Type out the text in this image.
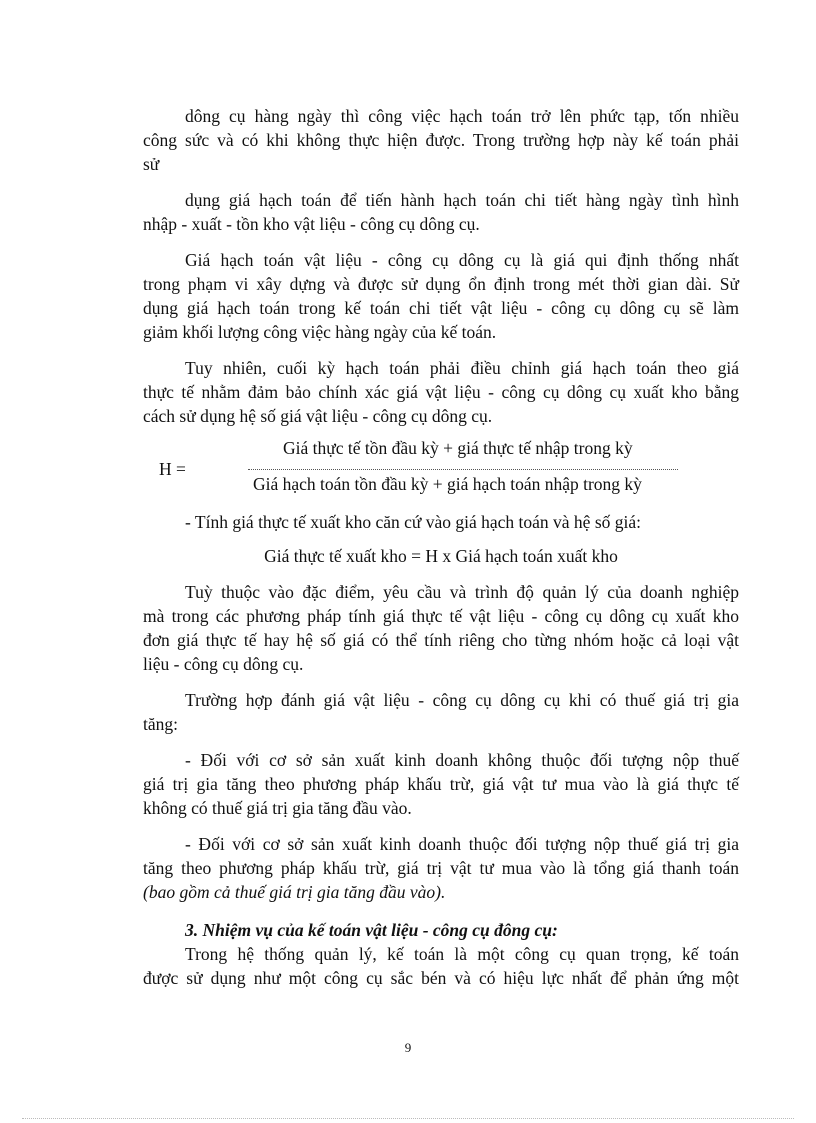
dông cụ hàng ngày thì công việc hạch toán trở lên phức tạp, tốn nhiều
công sức và có khi không thực hiện được. Trong trường hợp này kế toán phải
sử
dụng giá hạch toán để tiến hành hạch toán chi tiết hàng ngày tình hình
nhập - xuất - tồn kho vật liệu - công cụ dông cụ.
Giá hạch toán vật liệu - công cụ dông cụ là giá qui định thống nhất
trong phạm vi xây dựng và được sử dụng ổn định trong mét thời gian dài. Sử
dụng giá hạch toán trong kế toán chi tiết vật liệu - công cụ dông cụ sẽ làm
giảm khối lượng công việc hàng ngày của kế toán.
Tuy nhiên, cuối kỳ hạch toán phải điều chỉnh giá hạch toán theo giá
thực tế nhằm đảm bảo chính xác giá vật liệu - công cụ dông cụ xuất kho bằng
cách sử dụng hệ số giá vật liệu - công cụ dông cụ.
H =
Giá thực tế tồn đầu kỳ + giá thực tế nhập trong kỳ
Giá hạch toán tồn đầu kỳ + giá hạch toán nhập trong kỳ
- Tính giá thực tế xuất kho căn cứ vào giá hạch toán và hệ số giá:
Giá thực tế xuất kho = H x Giá hạch toán xuất kho
Tuỳ thuộc vào đặc điểm, yêu cầu và trình độ quản lý của doanh nghiệp
mà trong các phương pháp tính giá thực tế vật liệu - công cụ dông cụ xuất kho
đơn giá thực tế hay hệ số giá có thể tính riêng cho từng nhóm hoặc cả loại vật
liệu - công cụ dông cụ.
Trường hợp đánh giá vật liệu - công cụ dông cụ khi có thuế giá trị gia
tăng:
- Đối với cơ sở sản xuất kinh doanh không thuộc đối tượng nộp thuế
giá trị gia tăng theo phương pháp khấu trừ, giá vật tư mua vào là giá thực tế
không có thuế giá trị gia tăng đầu vào.
- Đối với cơ sở sản xuất kinh doanh thuộc đối tượng nộp thuế giá trị gia
tăng theo phương pháp khấu trừ, giá trị vật tư mua vào là tổng giá thanh toán
(bao gồm cả thuế giá trị gia tăng đầu vào).
3. Nhiệm vụ của kế toán vật liệu - công cụ đông cụ:
Trong hệ thống quản lý, kế toán là một công cụ quan trọng, kế toán
được sử dụng như một công cụ sắc bén và có hiệu lực nhất để phản ứng một
9
